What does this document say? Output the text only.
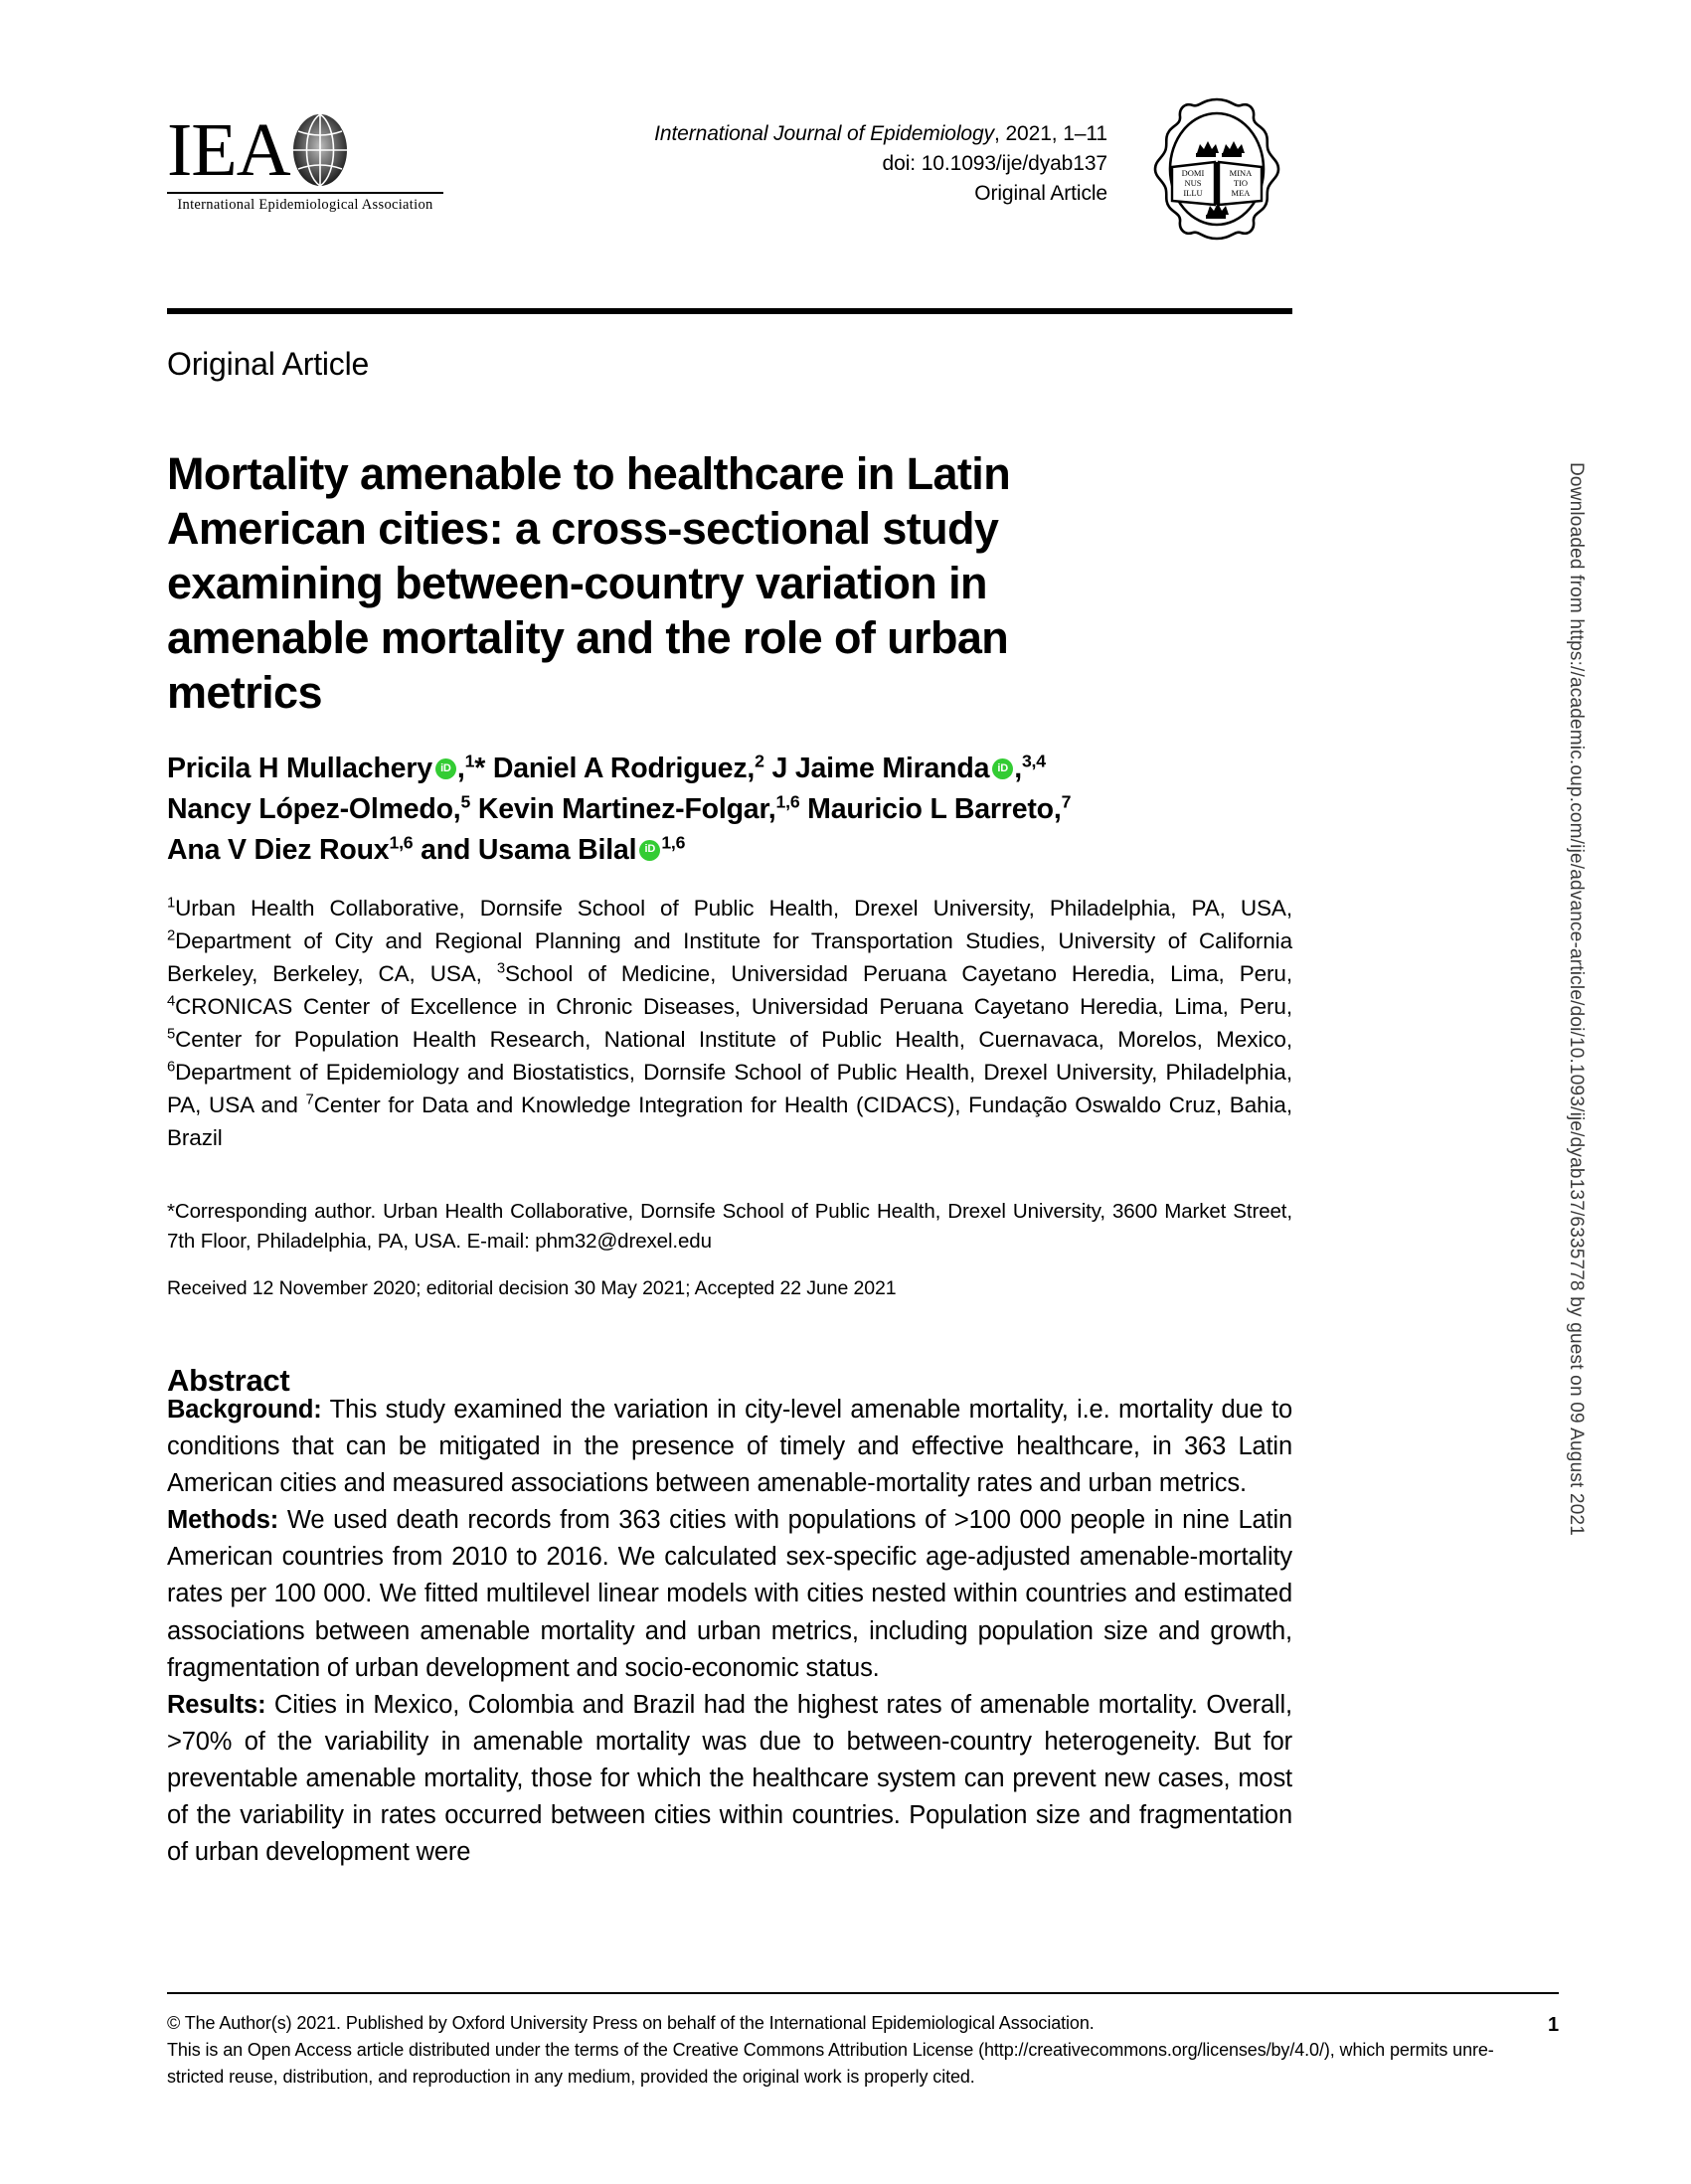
IEA
International Epidemiological Association
International Journal of Epidemiology, 2021, 1–11
doi: 10.1093/ije/dyab137
Original Article
DOMI
NUS
ILLU
MINA
TIO
MEA
Original Article
Mortality amenable to healthcare in Latin American cities: a cross-sectional study examining between-country variation in amenable mortality and the role of urban metrics
Pricila H Mullachery iD ,$^1$* Daniel A Rodriguez,$^2$ J Jaime Miranda iD ,$^{3,4}$
Nancy López-Olmedo,$^5$ Kevin Martinez-Folgar,$^{1,6}$ Mauricio L Barreto,$^7$
Ana V Diez Roux$^{1,6}$ and Usama Bilal iD $^{1,6}$
$^1$Urban Health Collaborative, Dornsife School of Public Health, Drexel University, Philadelphia, PA, USA, $^2$Department of City and Regional Planning and Institute for Transportation Studies, University of California Berkeley, Berkeley, CA, USA, $^3$School of Medicine, Universidad Peruana Cayetano Heredia, Lima, Peru, $^4$CRONICAS Center of Excellence in Chronic Diseases, Universidad Peruana Cayetano Heredia, Lima, Peru, $^5$Center for Population Health Research, National Institute of Public Health, Cuernavaca, Morelos, Mexico, $^6$Department of Epidemiology and Biostatistics, Dornsife School of Public Health, Drexel University, Philadelphia, PA, USA and $^7$Center for Data and Knowledge Integration for Health (CIDACS), Fundação Oswaldo Cruz, Bahia, Brazil
*Corresponding author. Urban Health Collaborative, Dornsife School of Public Health, Drexel University, 3600 Market Street, 7th Floor, Philadelphia, PA, USA. E-mail: phm32@drexel.edu
Received 12 November 2020; editorial decision 30 May 2021; Accepted 22 June 2021
Abstract

Background: This study examined the variation in city-level amenable mortality, i.e. mortality due to conditions that can be mitigated in the presence of timely and effective healthcare, in 363 Latin American cities and measured associations between amenable-mortality rates and urban metrics.

Methods: We used death records from 363 cities with populations of >100 000 people in nine Latin American countries from 2010 to 2016. We calculated sex-specific age-adjusted amenable-mortality rates per 100 000. We fitted multilevel linear models with cities nested within countries and estimated associations between amenable mortality and urban metrics, including population size and growth, fragmentation of urban development and socio-economic status.

Results: Cities in Mexico, Colombia and Brazil had the highest rates of amenable mortality. Overall, >70% of the variability in amenable mortality was due to between-country heterogeneity. But for preventable amenable mortality, those for which the healthcare system can prevent new cases, most of the variability in rates occurred between cities within countries. Population size and fragmentation of urban development were

© The Author(s) 2021. Published by Oxford University Press on behalf of the International Epidemiological Association.	1
This is an Open Access article distributed under the terms of the Creative Commons Attribution License (http://creativecommons.org/licenses/by/4.0/), which permits unre-
stricted reuse, distribution, and reproduction in any medium, provided the original work is properly cited.
Downloaded from https://academic.oup.com/ije/advance-article/doi/10.1093/ije/dyab137/6335778 by guest on 09 August 2021
